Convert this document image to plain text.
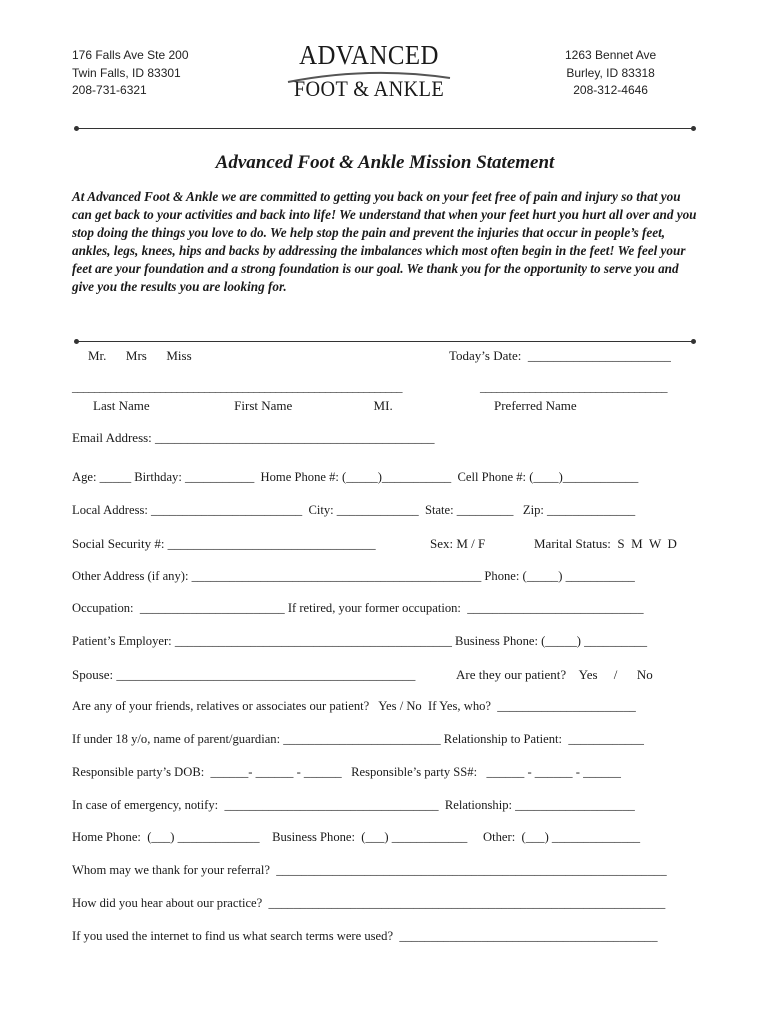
176 Falls Ave Ste 200
Twin Falls, ID 83301
208-731-6321
ADVANCED
FOOT & ANKLE
1263 Bennet Ave
Burley, ID 83318
208-312-4646
Advanced Foot & Ankle Mission Statement
At Advanced Foot & Ankle we are committed to getting you back on your feet free of pain and injury so that you can get back to your activities and back into life! We understand that when your feet hurt you hurt all over and you stop doing the things you love to do. We help stop the pain and prevent the injuries that occur in people’s feet, ankles, legs, knees, hips and backs by addressing the imbalances which most often begin in the feet! We feel your feet are your foundation and a strong foundation is our goal. We thank you for the opportunity to serve you and give you the results you are looking for.
Mr.      Mrs      Miss	Today’s Date:  ______________________
____________________________________________________________	__________________________________
Last Name                          First Name                         MI.	Preferred Name
Email Address: ___________________________________________
Age: _____ Birthday: ___________  Home Phone #: (_____)___________  Cell Phone #: (____)____________
Local Address: ________________________  City: _____________  State: _________   Zip: ______________
Social Security #: ________________________________	Sex: M / F	Marital Status:  S  M  W  D
Other Address (if any): ______________________________________________ Phone: (_____) ___________
Occupation:  _______________________ If retired, your former occupation:  ____________________________
Patient’s Employer: ____________________________________________ Business Phone: (_____) __________
Spouse: ______________________________________________	Are they our patient?    Yes     /      No
Are any of your friends, relatives or associates our patient?   Yes / No  If Yes, who?  ______________________
If under 18 y/o, name of parent/guardian: _________________________ Relationship to Patient:  ____________
Responsible party’s DOB:  ______- ______ - ______   Responsible’s party SS#:   ______ - ______ - ______
In case of emergency, notify:  __________________________________  Relationship: ___________________
Home Phone:  (___) _____________    Business Phone:  (___) ____________     Other:  (___) ______________
Whom may we thank for your referral?  ______________________________________________________________
How did you hear about our practice?  _______________________________________________________________
If you used the internet to find us what search terms were used?  _________________________________________
